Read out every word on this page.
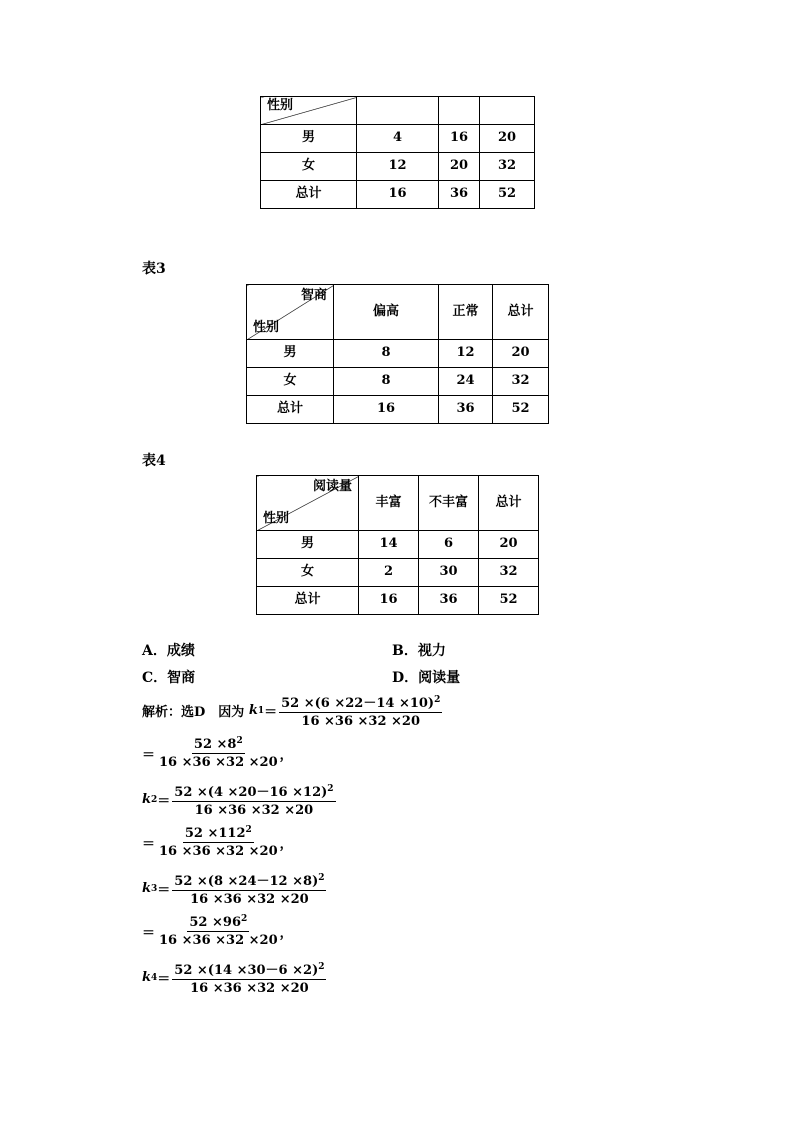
性别			

男	4	16	20
女	12	20	32
总计	16	36	52
表3
智商
性别	偏高	正常	总计
男	8	12	20
女	8	24	32
总计	16	36	52
表4
阅读量
性别	丰富	不丰富	总计
男	14	6	20
女	2	30	32
总计	16	36	52
A．成绩	B．视力
C．智商	D．阅读量
解析：选D　因为
k $1 = \frac{52 \times(6 \times 22-14 \times 10)^2}{16 \times 36 \times 32 \times 20}$
＝ $\frac{52 \times 8^2}{16 \times 36 \times 32 \times 20}$ ，
k $2 = \frac{52 \times(4 \times 20-16 \times 12)^2}{16 \times 36 \times 32 \times 20}$
＝ $\frac{52 \times 112^2}{16 \times 36 \times 32 \times 20}$ ，
k $3 = \frac{52 \times(8 \times 24-12 \times 8)^2}{16 \times 36 \times 32 \times 20}$
＝ $\frac{52 \times 96^2}{16 \times 36 \times 32 \times 20}$ ，
k $4 = \frac{52 \times(14 \times 30-6 \times 2)^2}{16 \times 36 \times 32 \times 20}$
